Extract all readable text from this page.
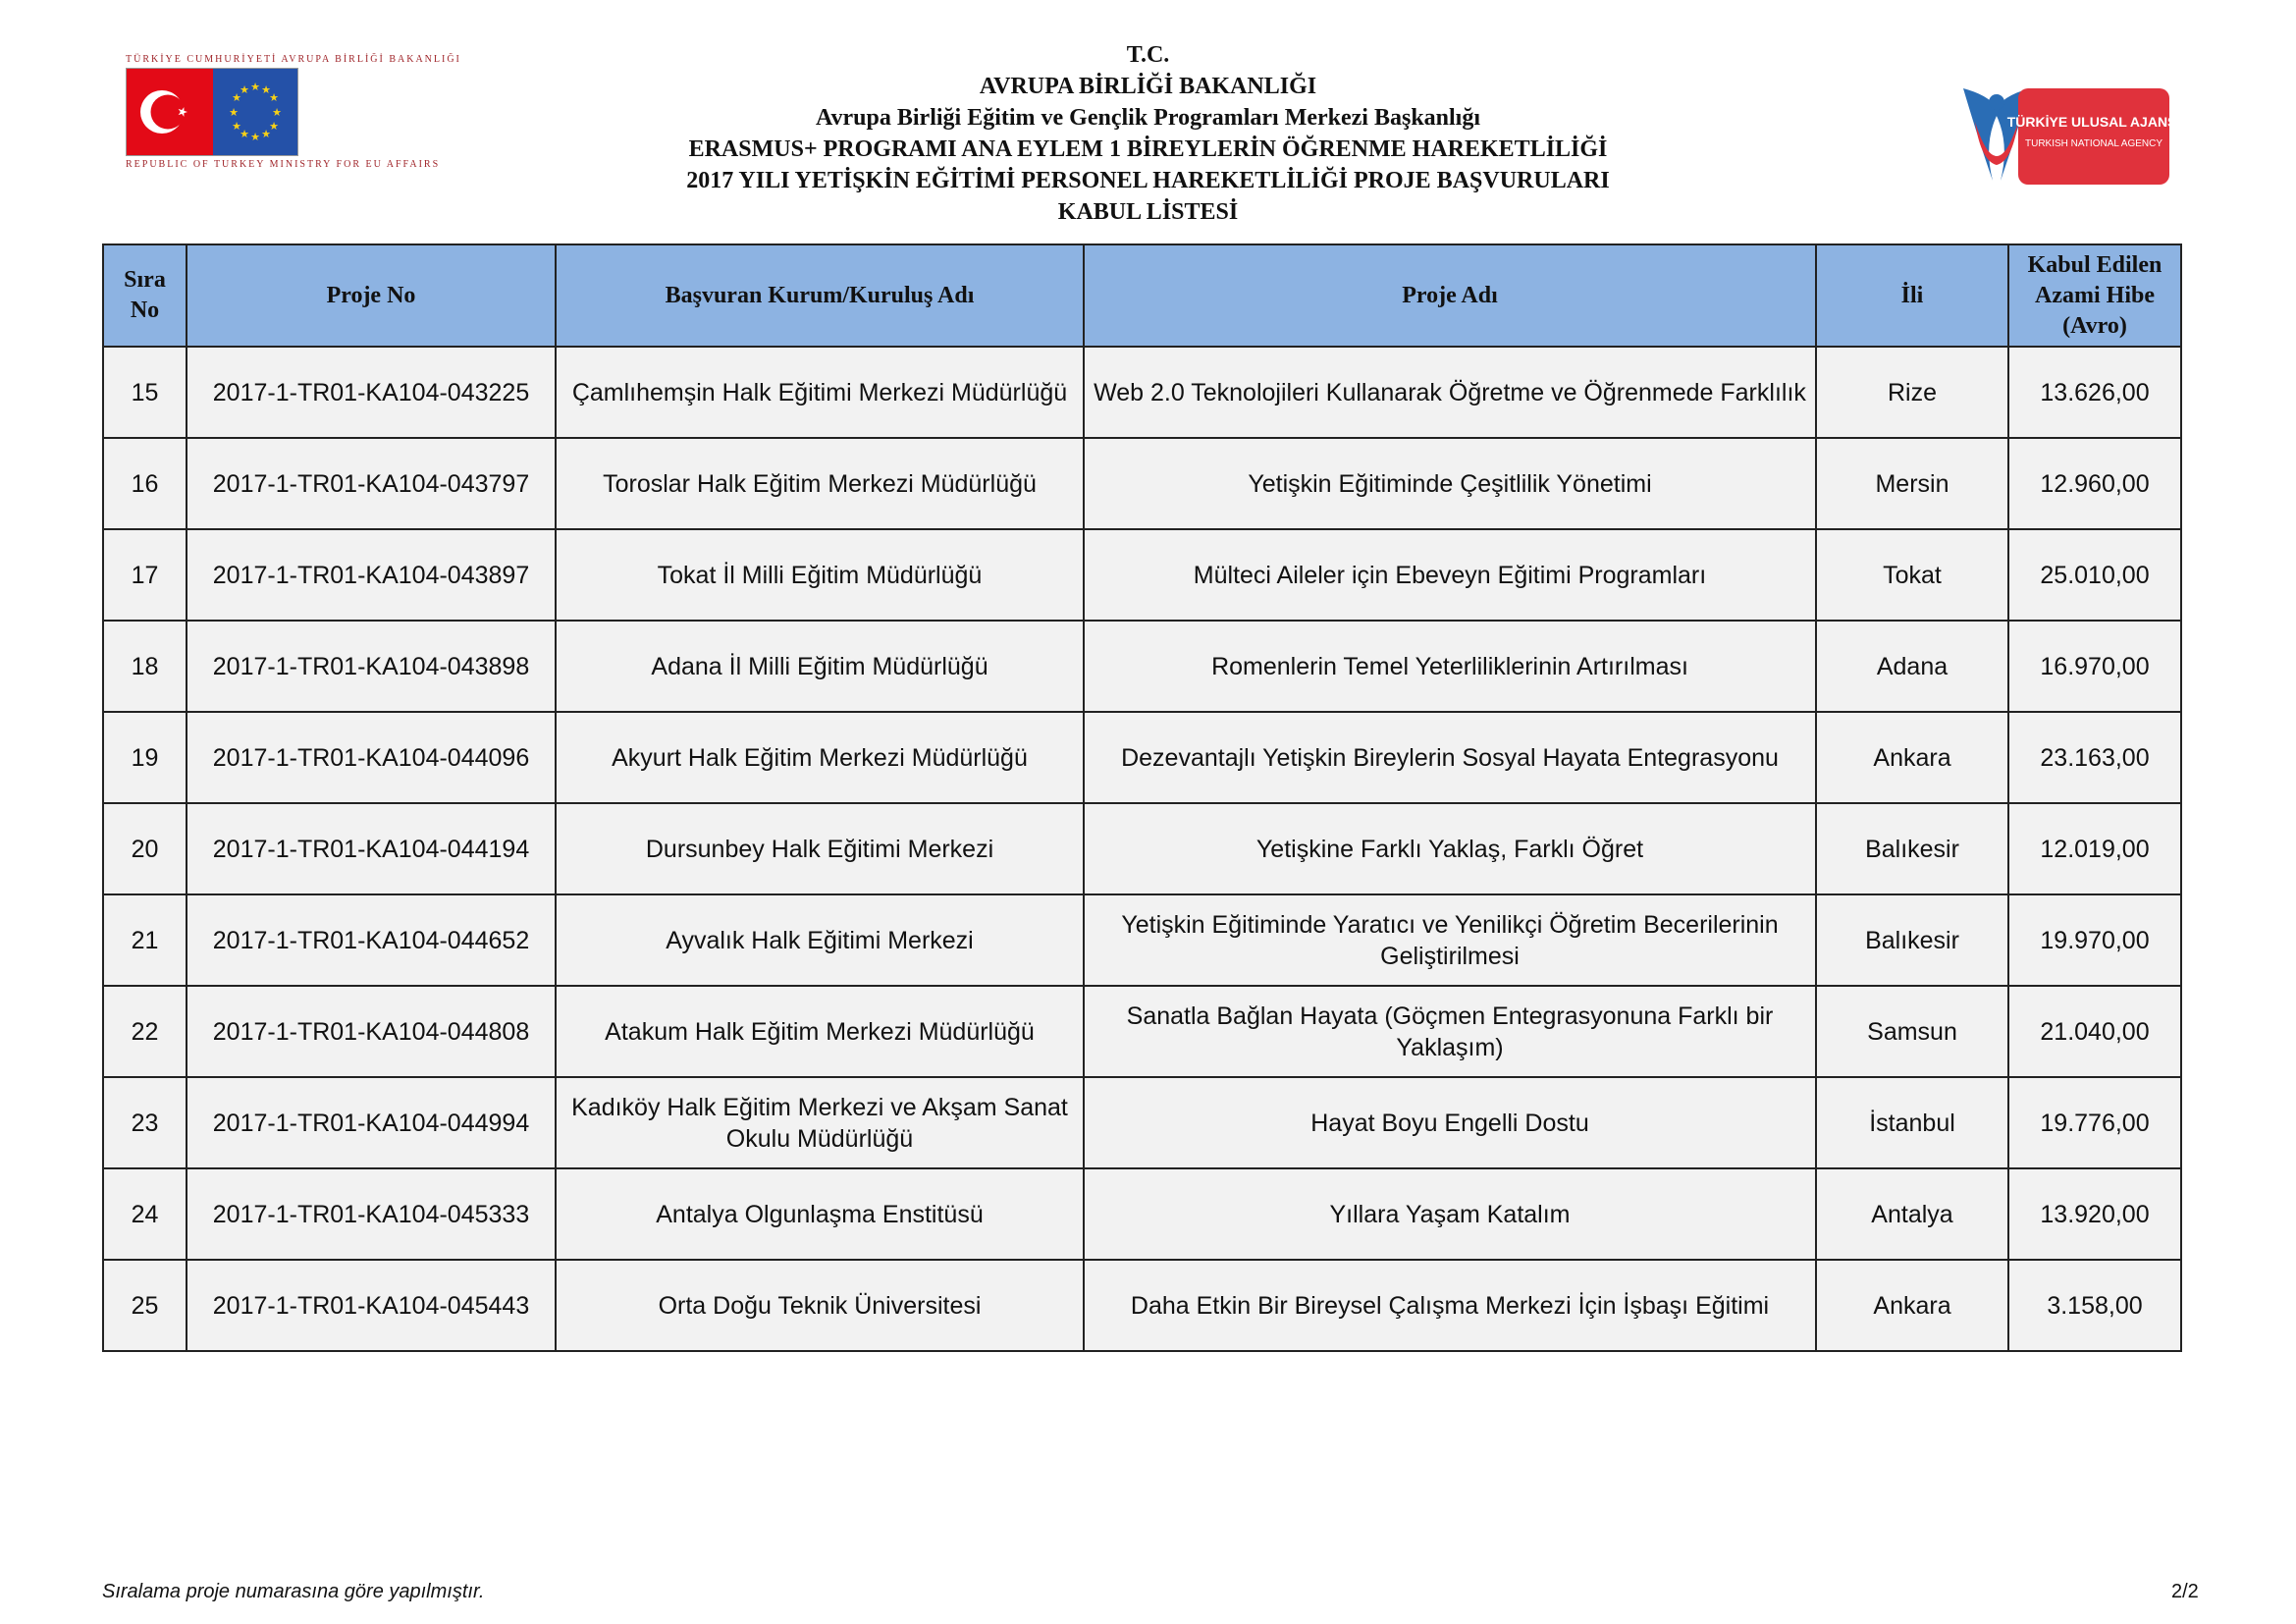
TÜRKİYE CUMHURİYETİ AVRUPA BİRLİĞİ BAKANLIĞI
★ ★
★
★
★
★
★
★
★
★
★
★
REPUBLIC OF TURKEY MINISTRY FOR EU AFFAIRS
T.C.
AVRUPA BİRLİĞİ BAKANLIĞI
Avrupa Birliği Eğitim ve Gençlik Programları Merkezi Başkanlığı
ERASMUS+ PROGRAMI ANA EYLEM 1 BİREYLERİN ÖĞRENME HAREKETLİLİĞİ
2017 YILI YETİŞKİN EĞİTİMİ PERSONEL HAREKETLİLİĞİ PROJE BAŞVURULARI
KABUL LİSTESİ
TÜRKİYE ULUSAL AJANSI
TURKISH NATIONAL AGENCY
Sıra No	Proje No	Başvuran Kurum/Kuruluş Adı	Proje Adı	İli	Kabul Edilen Azami Hibe (Avro)
15	2017-1-TR01-KA104-043225	Çamlıhemşin Halk Eğitimi Merkezi Müdürlüğü	Web 2.0 Teknolojileri Kullanarak Öğretme ve Öğrenmede Farklılık	Rize	13.626,00
16	2017-1-TR01-KA104-043797	Toroslar Halk Eğitim Merkezi Müdürlüğü	Yetişkin Eğitiminde Çeşitlilik Yönetimi	Mersin	12.960,00
17	2017-1-TR01-KA104-043897	Tokat İl Milli Eğitim Müdürlüğü	Mülteci Aileler için Ebeveyn Eğitimi Programları	Tokat	25.010,00
18	2017-1-TR01-KA104-043898	Adana İl Milli Eğitim Müdürlüğü	Romenlerin Temel Yeterliliklerinin Artırılması	Adana	16.970,00
19	2017-1-TR01-KA104-044096	Akyurt Halk Eğitim Merkezi Müdürlüğü	Dezevantajlı Yetişkin Bireylerin Sosyal Hayata Entegrasyonu	Ankara	23.163,00
20	2017-1-TR01-KA104-044194	Dursunbey Halk Eğitimi Merkezi	Yetişkine Farklı Yaklaş, Farklı Öğret	Balıkesir	12.019,00
21	2017-1-TR01-KA104-044652	Ayvalık Halk Eğitimi Merkezi	Yetişkin Eğitiminde Yaratıcı ve Yenilikçi Öğretim Becerilerinin Geliştirilmesi	Balıkesir	19.970,00
22	2017-1-TR01-KA104-044808	Atakum Halk Eğitim Merkezi Müdürlüğü	Sanatla Bağlan Hayata (Göçmen Entegrasyonuna Farklı bir Yaklaşım)	Samsun	21.040,00
23	2017-1-TR01-KA104-044994	Kadıköy Halk Eğitim Merkezi ve Akşam Sanat Okulu Müdürlüğü	Hayat Boyu Engelli Dostu	İstanbul	19.776,00
24	2017-1-TR01-KA104-045333	Antalya Olgunlaşma Enstitüsü	Yıllara Yaşam Katalım	Antalya	13.920,00
25	2017-1-TR01-KA104-045443	Orta Doğu Teknik Üniversitesi	Daha Etkin Bir Bireysel Çalışma Merkezi İçin İşbaşı Eğitimi	Ankara	3.158,00
Sıralama proje numarasına göre yapılmıştır.	2/2
